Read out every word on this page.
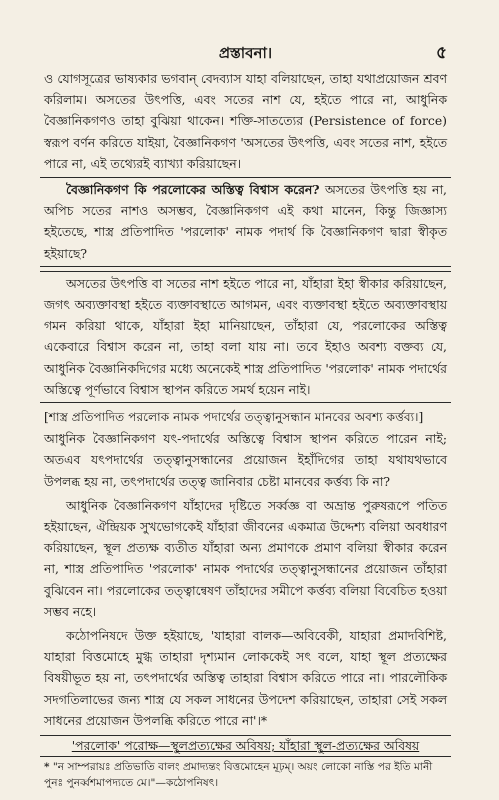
প্রস্তাবনা।	৫

ও যোগসূত্রের ভাষ্যকার ভগবান্ বেদব্যাস যাহা বলিয়াছেন, তাহা যথাপ্রয়োজন শ্রবণ করিলাম। অসতের উৎপত্তি, এবং সতের নাশ যে, হইতে পারে না, আধুনিক বৈজ্ঞানিকগণও তাহা বুঝিয়া থাকেন। শক্তি-সাতত্যের (Persistence of force) স্বরূপ বর্ণন করিতে যাইয়া, বৈজ্ঞানিকগণ 'অসতের উৎপত্তি, এবং সতের নাশ, হইতে পারে না, এই তথ্যেরই ব্যাখ্যা করিয়াছেন।

বৈজ্ঞানিকগণ কি পরলোকের অস্তিত্ব বিশ্বাস করেন? অসতের উৎপত্তি হয় না, অপিচ সতের নাশও অসম্ভব, বৈজ্ঞানিকগণ এই কথা মানেন, কিন্তু জিজ্ঞাস্য হইতেছে, শাস্ত্র প্রতিপাদিত 'পরলোক' নামক পদার্থ কি বৈজ্ঞানিকগণ দ্বারা স্বীকৃত হইয়াছে?

অসতের উৎপত্তি বা সতের নাশ হইতে পারে না, যাঁহারা ইহা স্বীকার করিয়াছেন, জগৎ অব্যক্তাবস্থা হইতে ব্যক্তাবস্থাতে আগমন, এবং ব্যক্তাবস্থা হইতে অব্যক্তাবস্থায় গমন করিয়া থাকে, যাঁহারা ইহা মানিয়াছেন, তাঁহারা যে, পরলোকের অস্তিত্ব একেবারে বিশ্বাস করেন না, তাহা বলা যায় না। তবে ইহাও অবশ্য বক্তব্য যে, আধুনিক বৈজ্ঞানিকদিগের মধ্যে অনেকেই শাস্ত্র প্রতিপাদিত 'পরলোক' নামক পদার্থের অস্তিত্বে পূর্ণভাবে বিশ্বাস স্থাপন করিতে সমর্থ হয়েন নাই।

[শাস্ত্র প্রতিপাদিত পরলোক নামক পদার্থের তত্ত্বানুসন্ধান মানবের অবশ্য কর্ত্তব্য।]

আধুনিক বৈজ্ঞানিকগণ যৎ-পদার্থের অস্তিত্বে বিশ্বাস স্থাপন করিতে পারেন নাই; অতএব যৎপদার্থের তত্ত্বানুসন্ধানের প্রয়োজন ইহাঁদিগের তাহা যথাযথভাবে উপলব্ধ হয় না, তৎপদার্থের তত্ত্ব জানিবার চেষ্টা মানবের কর্ত্তব্য কি না?

আধুনিক বৈজ্ঞানিকগণ যাঁহাদের দৃষ্টিতে সর্ব্বজ্ঞ বা অভ্রান্ত পুরুষরূপে পতিত হইয়াছেন, ঐন্দ্রিয়ক সুখভোগকেই যাঁহারা জীবনের একমাত্র উদ্দেশ্য বলিয়া অবধারণ করিয়াছেন, স্থূল প্রত্যক্ষ ব্যতীত যাঁহারা অন্য প্রমাণকে প্রমাণ বলিয়া স্বীকার করেন না, শাস্ত্র প্রতিপাদিত 'পরলোক' নামক পদার্থের তত্ত্বানুসন্ধানের প্রয়োজন তাঁহারা বুঝিবেন না। পরলোকের তত্ত্বান্বেষণ তাঁহাদের সমীপে কর্ত্তব্য বলিয়া বিবেচিত হওয়া সম্ভব নহে।

কঠোপনিষদে উক্ত হইয়াছে, 'যাহারা বালক—অবিবেকী, যাহারা প্রমাদবিশিষ্ট, যাহারা বিত্তমোহে মুগ্ধ তাহারা দৃশ্যমান লোককেই সৎ বলে, যাহা স্থূল প্রত্যক্ষের বিষয়ীভূত হয় না, তৎপদার্থের অস্তিত্ব তাহারা বিশ্বাস করিতে পারে না। পারলৌকিক সদগতিলাভের জন্য শাস্ত্র যে সকল সাধনের উপদেশ করিয়াছেন, তাহারা সেই সকল সাধনের প্রয়োজন উপলব্ধি করিতে পারে না'।*

'পরলোক' পরোক্ষ—স্থূলপ্রত্যক্ষের অবিষয়; যাঁহারা স্থূল-প্রত্যক্ষের অবিষয়
* "ন সাম্পরায়ঃ প্রতিভাতি বালং প্রমাদ্যন্তং বিত্তমোহেন মূঢ়ম্। অয়ং লোকো নাস্তি পর ইতি মানী পুনঃ পুনর্ব্বশমাপদ্যতে মে।"—কঠোপনিষৎ।
